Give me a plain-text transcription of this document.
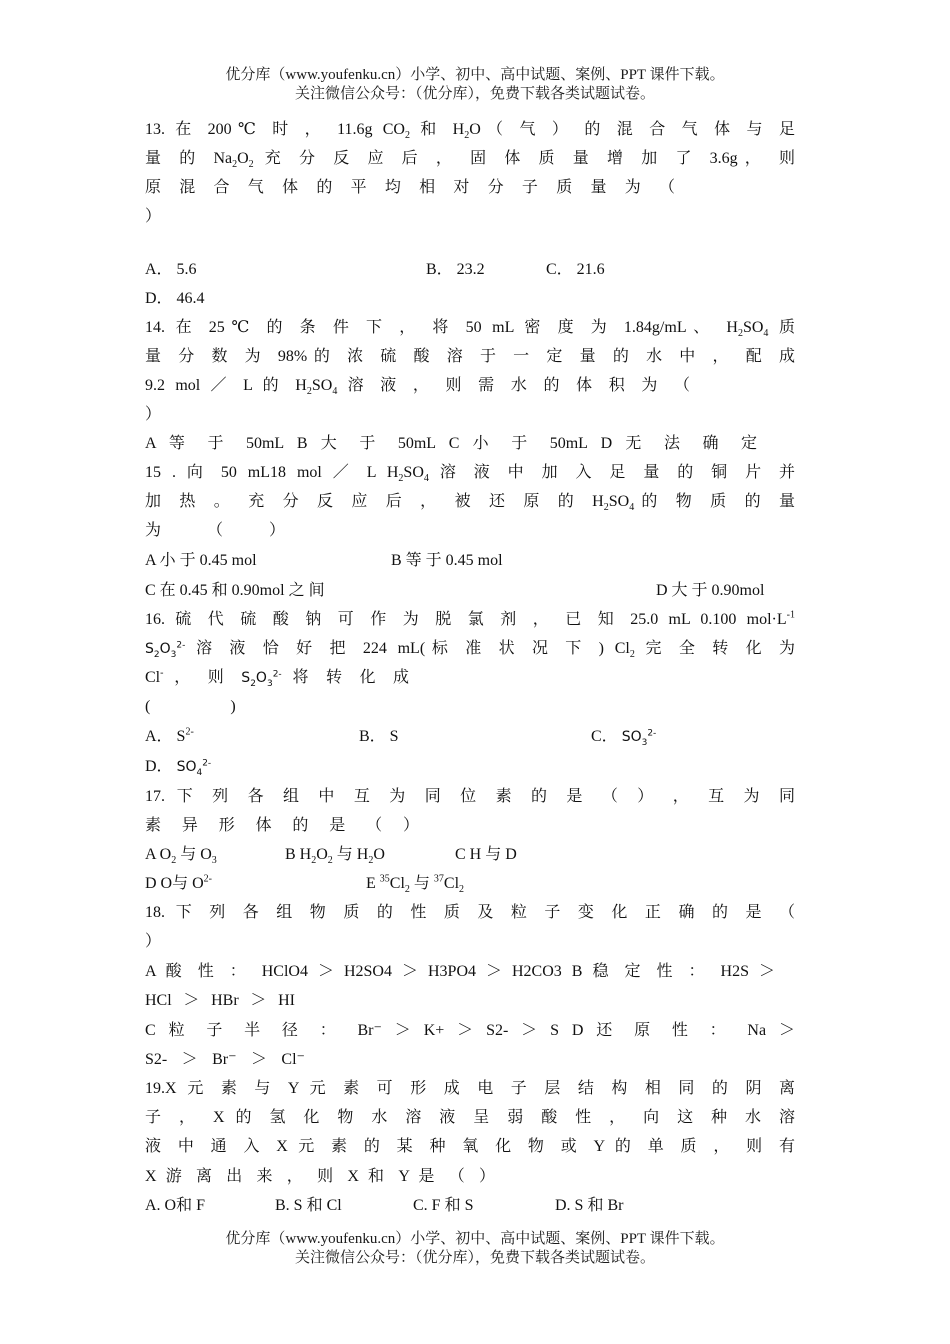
优分库（www.youfenku.cn）小学、初中、高中试题、案例、PPT 课件下载。
关注微信公众号：（优分库），免费下载各类试题试卷。
13. 在 200℃ 时 ， 11.6g $CO_2$ 和 $H_2O$（ 气 ） 的 混 合 气 体 与 足
量 的 $Na_2O_2$ 充 分 反 应 后 ， 固 体 质 量 增 加 了 3.6g， 则
原 混 合 气 体 的 平 均 相 对 分 子 质 量 为 （
）
A． 5.6	B． 23.2	C． 21.6
D． 46.4
14. 在 25℃ 的 条 件 下 ， 将 50 mL 密 度 为 1.84g/mL、 $H_2SO_4$ 质
量 分 数 为 98%的 浓 硫 酸 溶 于 一 定 量 的 水 中 ， 配 成
9.2 mol ／ L 的 $H_2SO_4$ 溶 液 ， 则 需 水 的 体 积 为 （
）
A 等 于 50mL B 大 于 50mL C 小 于 50mL D 无 法 确 定
15 . 向 50 mL18 mol ／ L $H_2SO_4$ 溶 液 中 加 入 足 量 的 铜 片 并
加 热 。 充 分 反 应 后 ， 被 还 原 的 $H_2SO_4$的 物 质 的 量
为 （ ）
A 小 于 0.45 mol	B 等 于 0.45 mol
C 在 0.45 和 0.90mol 之 间	D 大 于 0.90mol
16. 硫 代 硫 酸 钠 可 作 为 脱 氯 剂 ， 已 知 25.0 mL 0.100 $mol\cdot L^{-1}$
$S_2O_3^{2-}$ 溶 液 恰 好 把 224 mL(标 准 状 况 下 ) $Cl_2$ 完 全 转 化 为
Cl- ， 则 $S_2O_3^{2-}$ 将 转 化 成
(　　　　　)
A． $S^{2-}$	B． S	C． $SO_3^{2-}$
D． $SO_4^{2-}$
17. 下 列 各 组 中 互 为 同 位 素 的 是 （ ） ， 互 为 同
素 异 形 体 的 是 （ ）
A $O_2$ 与 $O_3$	B $H_2O_2$ 与 $H_2O$	C H 与 D
D O与 $O^{2-}$	E $^{35}Cl_2$ 与 $^{37}Cl_2$
18. 下 列 各 组 物 质 的 性 质 及 粒 子 变 化 正 确 的 是 （
）
A 酸 性 ： HClO4 ＞ H2SO4 ＞ H3PO4 ＞ H2CO3 B 稳 定 性 ： H2S ＞
HCl ＞ HBr ＞ HI
C 粒 子 半 径 ： Br⁻ ＞ K+ ＞ S2- ＞ S D 还 原 性 ： Na ＞
S2- ＞ Br⁻ ＞ Cl⁻
19.X 元 素 与 Y 元 素 可 形 成 电 子 层 结 构 相 同 的 阴 离
子 ， X 的 氢 化 物 水 溶 液 呈 弱 酸 性 ， 向 这 种 水 溶
液 中 通 入 X 元 素 的 某 种 氧 化 物 或 Y 的 单 质 ， 则 有
X 游 离 出 来 ， 则 X 和 Y 是 （ ）
A. O和 F	B. S 和 Cl	C. F 和 S	D. S 和 Br
优分库（www.youfenku.cn）小学、初中、高中试题、案例、PPT 课件下载。
关注微信公众号：（优分库），免费下载各类试题试卷。
